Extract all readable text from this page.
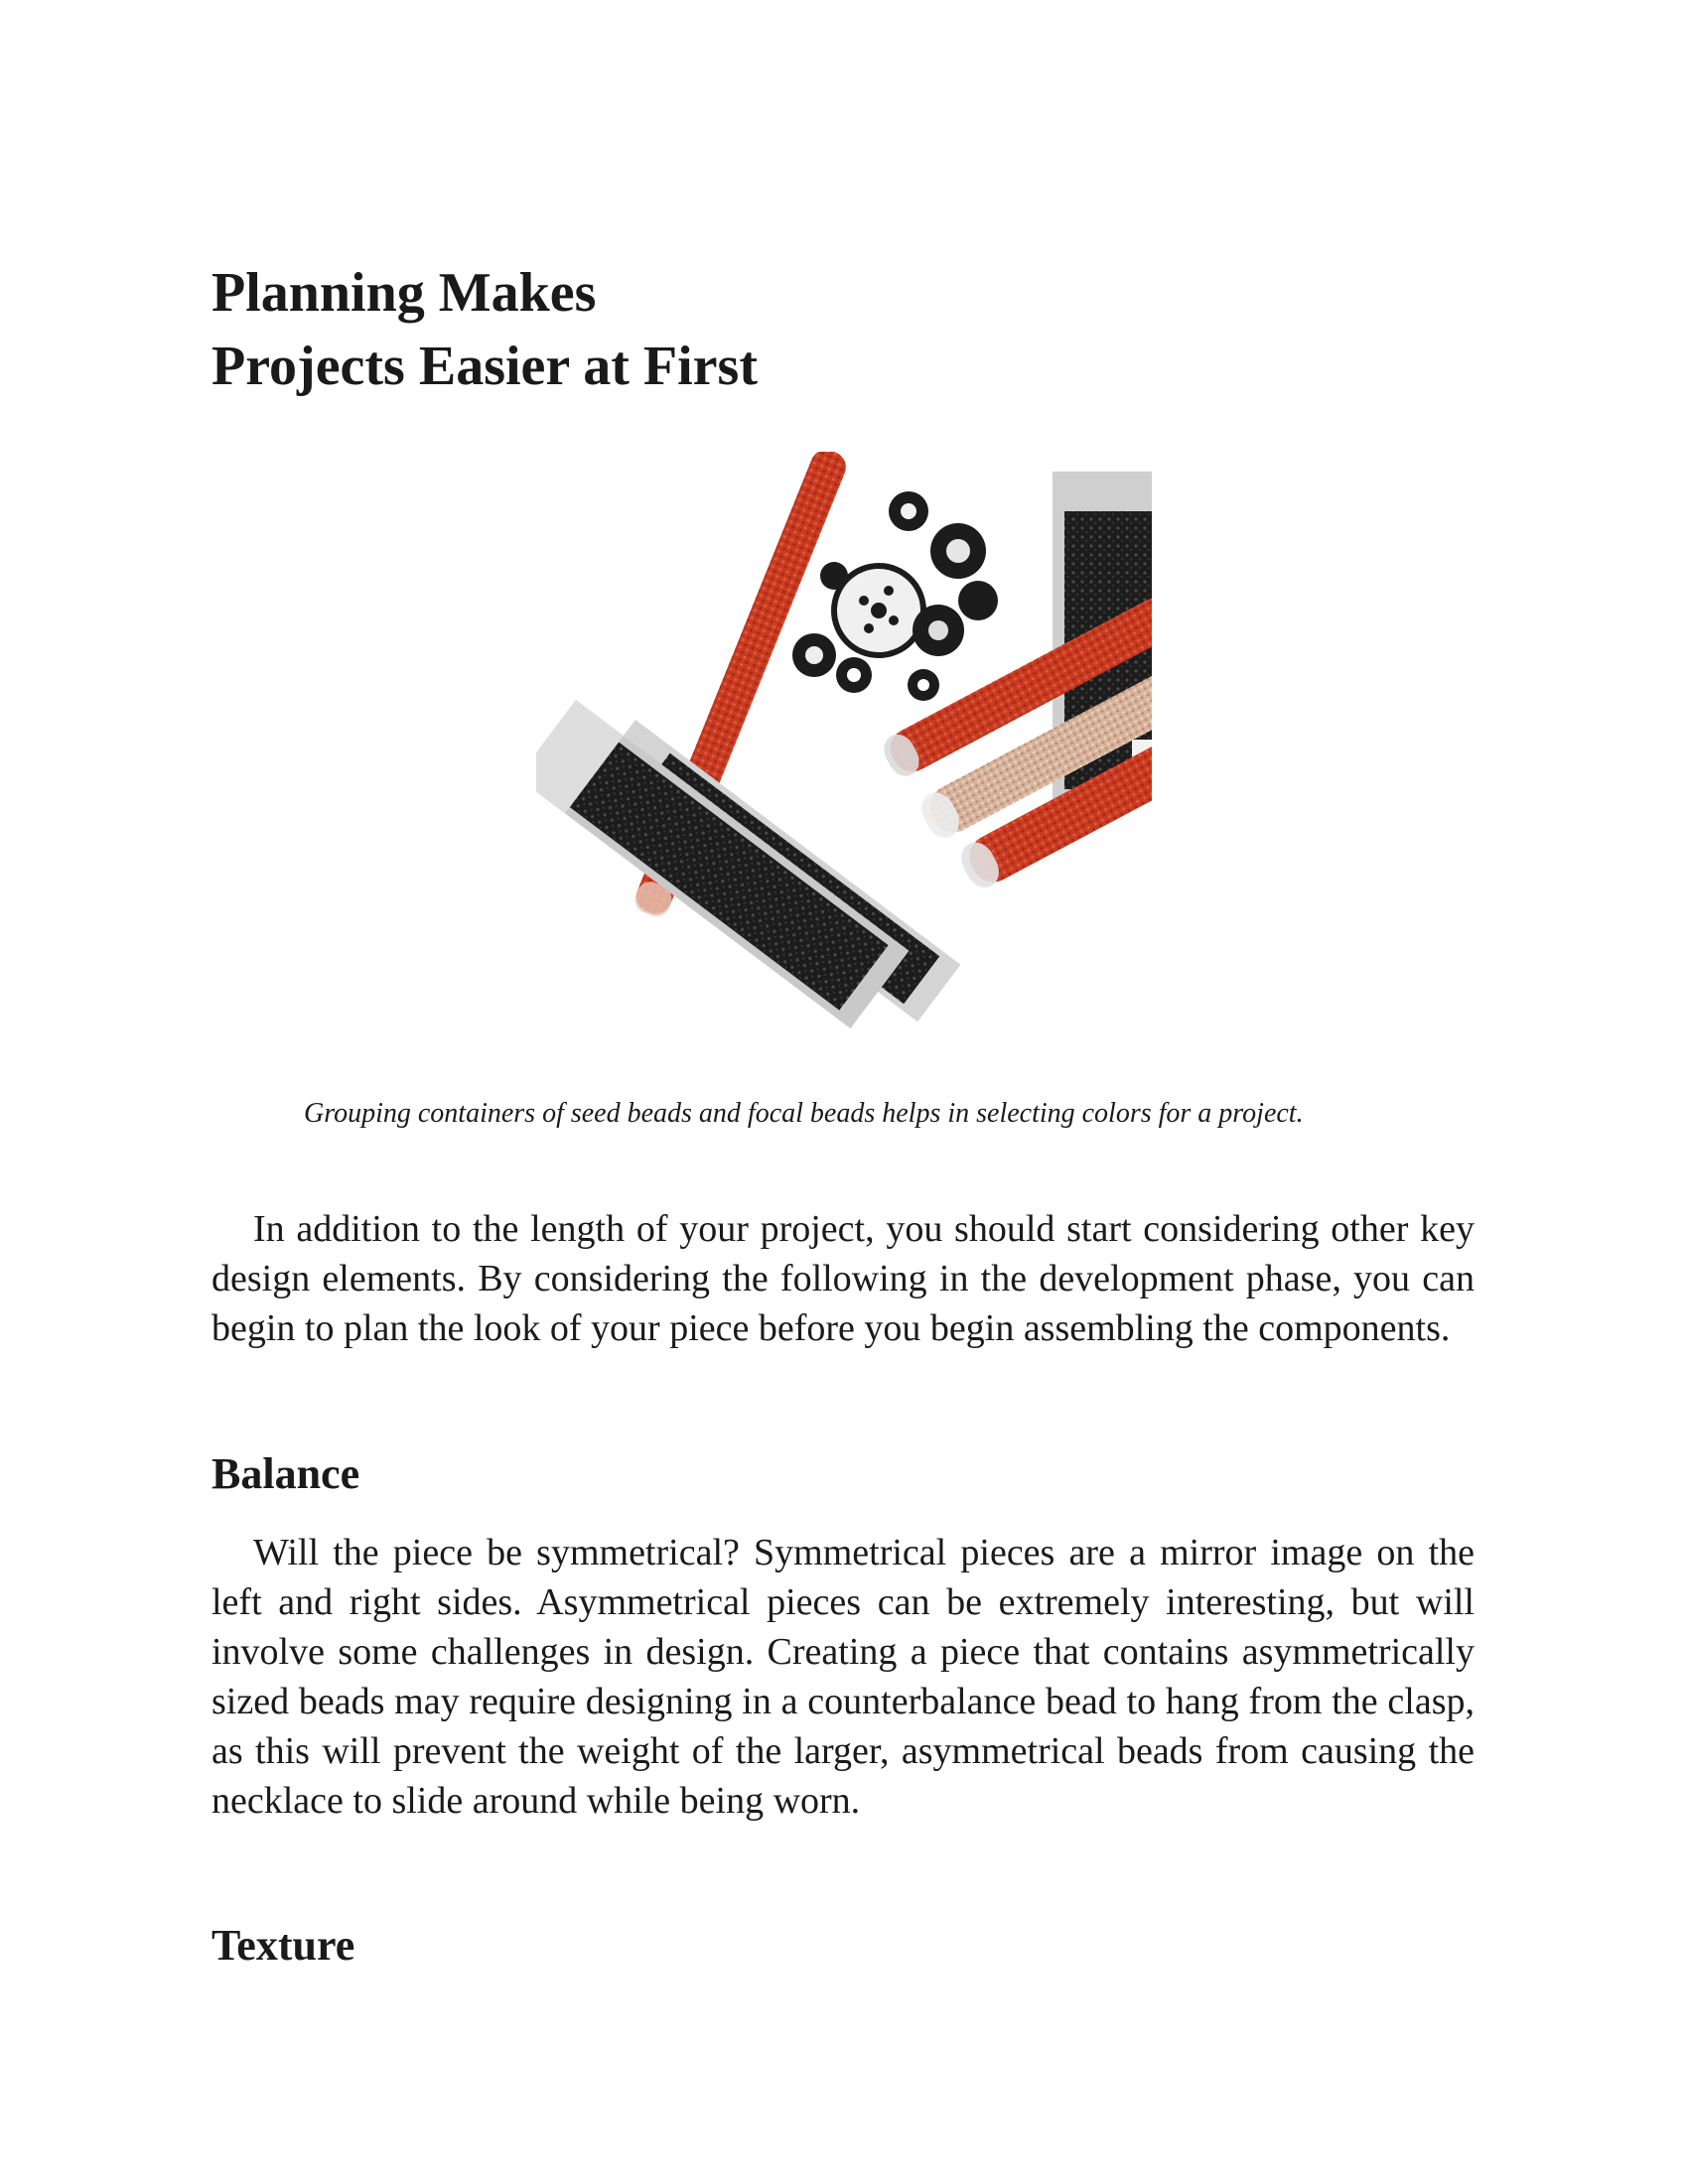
Planning Makes
Projects Easier at First

Grouping containers of seed beads and focal beads helps in selecting colors for a project.

In addition to the length of your project, you should start considering other key design elements. By considering the following in the development phase, you can begin to plan the look of your piece before you begin assembling the components.

Balance

Will the piece be symmetrical? Symmetrical pieces are a mirror image on the left and right sides. Asymmetrical pieces can be extremely interesting, but will involve some challenges in design. Creating a piece that contains asymmetrically sized beads may require designing in a counterbalance bead to hang from the clasp, as this will prevent the weight of the larger, asymmetrical beads from causing the necklace to slide around while being worn.

Texture
